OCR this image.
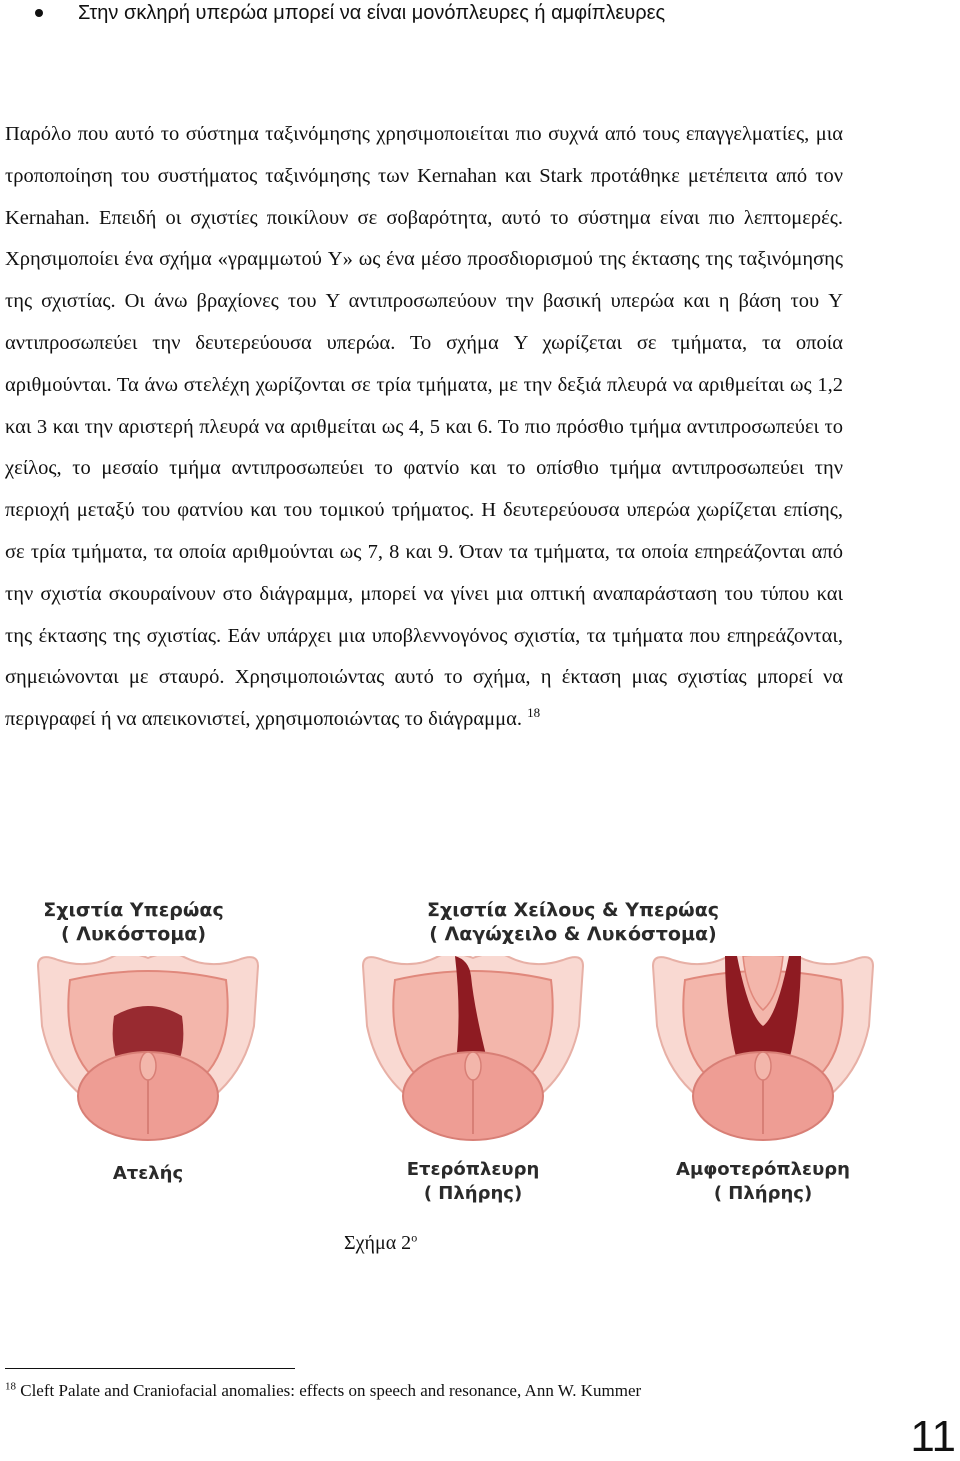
Στην σκληρή υπερώα μπορεί να είναι μονόπλευρες ή αμφίπλευρες

Παρόλο που αυτό το σύστημα ταξινόμησης χρησιμοποιείται πιο συχνά από τους επαγγελματίες, μια τροποποίηση του συστήματος ταξινόμησης των Kernahan και Stark προτάθηκε μετέπειτα από τον Kernahan. Επειδή οι σχιστίες ποικίλουν σε σοβαρότητα, αυτό το σύστημα είναι πιο λεπτομερές. Χρησιμοποίει ένα σχήμα «γραμμωτού Y» ως ένα μέσο προσδιορισμού της έκτασης της ταξινόμησης της σχιστίας. Οι άνω βραχίονες του Y αντιπροσωπεύουν την βασική υπερώα και η βάση του Y αντιπροσωπεύει την δευτερεύουσα υπερώα. Το σχήμα Y χωρίζεται σε τμήματα, τα οποία αριθμούνται. Τα άνω στελέχη χωρίζονται σε τρία τμήματα, με την δεξιά πλευρά να αριθμείται ως 1,2 και 3 και την αριστερή πλευρά να αριθμείται ως 4, 5 και 6. Το πιο πρόσθιο τμήμα αντιπροσωπεύει το χείλος, το μεσαίο τμήμα αντιπροσωπεύει το φατνίο και το οπίσθιο τμήμα αντιπροσωπεύει την περιοχή μεταξύ του φατνίου και του τομικού τρήματος. Η δευτερεύουσα υπερώα χωρίζεται επίσης, σε τρία τμήματα, τα οποία αριθμούνται ως 7, 8 και 9. Όταν τα τμήματα, τα οποία επηρεάζονται από την σχιστία σκουραίνουν στο διάγραμμα, μπορεί να γίνει μια οπτική αναπαράσταση του τύπου και της έκτασης της σχιστίας. Εάν υπάρχει μια υποβλεννογόνος σχιστία, τα τμήματα που επηρεάζονται, σημειώνονται με σταυρό. Χρησιμοποιώντας αυτό το σχήμα, η έκταση μιας σχιστίας μπορεί να περιγραφεί ή να απεικονιστεί, χρησιμοποιώντας το διάγραμμα. $^{18}$

Σχιστία Υπερώας
( Λυκόστομα)
Σχιστία Χείλους & Υπερώας
( Λαγώχειλο & Λυκόστομα)
Ατελής	Ετερόπλευρη
( Πλήρης)
Αμφοτερόπλευρη
( Πλήρης)
Σχήμα $2^o$
$^{18}$ Cleft Palate and Craniofacial anomalies: effects on speech and resonance, Ann W. Kummer
11
